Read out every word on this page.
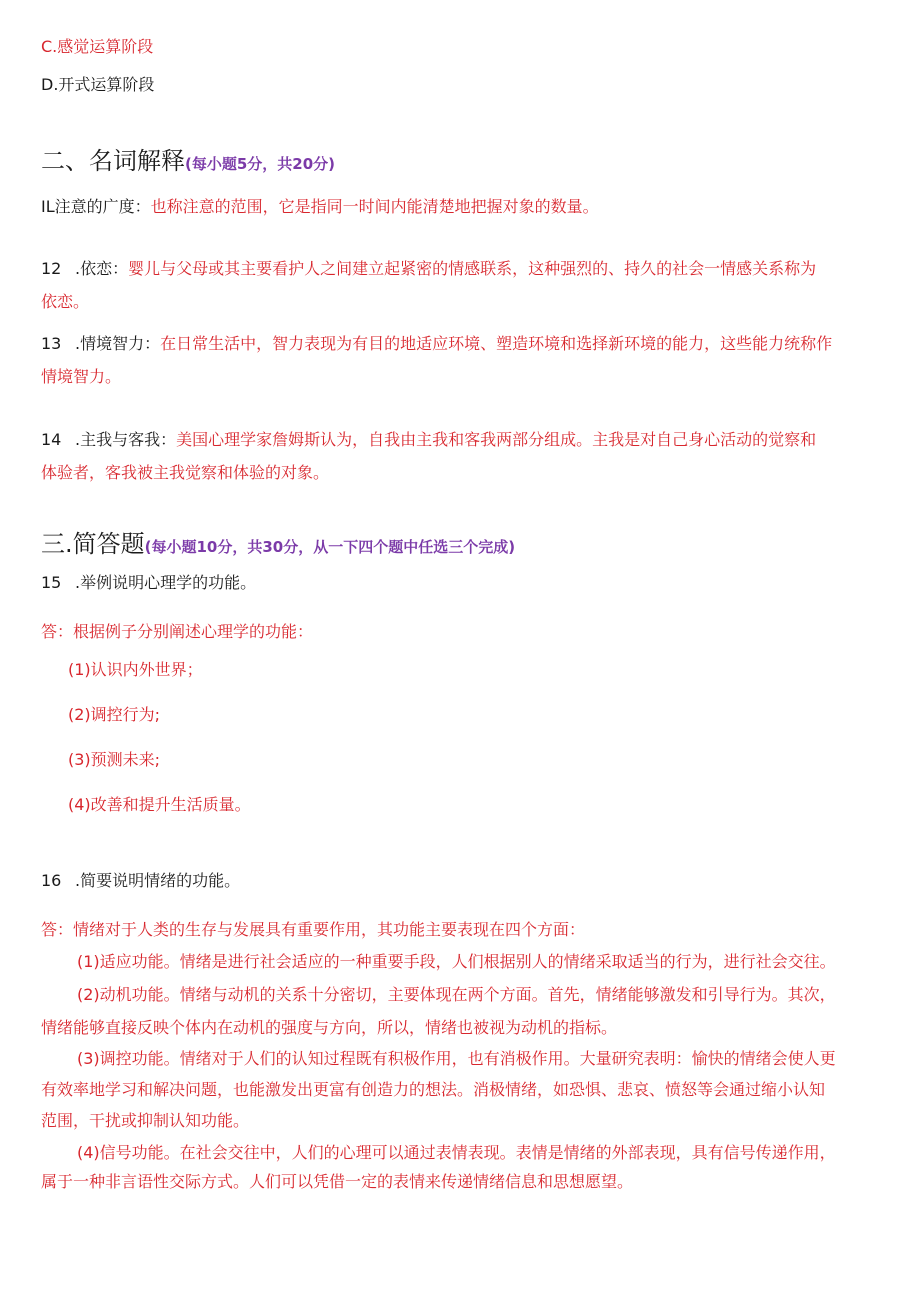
C.感觉运算阶段
D.开式运算阶段
二、名词解释(每小题5分，共20分)
IL注意的广度：也称注意的范围，它是指同一时间内能清楚地把握对象的数量。
12 .依恋：婴儿与父母或其主要看护人之间建立起紧密的情感联系，这种强烈的、持久的社会一情感关系称为
依恋。
13 .情境智力：在日常生活中，智力表现为有目的地适应环境、塑造环境和选择新环境的能力，这些能力统称作
情境智力。
14 .主我与客我：美国心理学家詹姆斯认为，自我由主我和客我两部分组成。主我是对自己身心活动的觉察和
体验者，客我被主我觉察和体验的对象。
三.简答题(每小题10分，共30分，从一下四个题中任选三个完成)
15 .举例说明心理学的功能。
答：根据例子分别阐述心理学的功能：
(1)认识内外世界；
(2)调控行为;
(3)预测未来;
(4)改善和提升生活质量。
16 .简要说明情绪的功能。
答：情绪对于人类的生存与发展具有重要作用，其功能主要表现在四个方面：
(1)适应功能。情绪是进行社会适应的一种重要手段，人们根据别人的情绪采取适当的行为，进行社会交往。
(2)动机功能。情绪与动机的关系十分密切，主要体现在两个方面。首先，情绪能够激发和引导行为。其次，
情绪能够直接反映个体内在动机的强度与方向，所以，情绪也被视为动机的指标。
(3)调控功能。情绪对于人们的认知过程既有积极作用，也有消极作用。大量研究表明：愉快的情绪会使人更
有效率地学习和解决问题，也能激发出更富有创造力的想法。消极情绪，如恐惧、悲哀、愤怒等会通过缩小认知
范围，干扰或抑制认知功能。
(4)信号功能。在社会交往中，人们的心理可以通过表情表现。表情是情绪的外部表现，具有信号传递作用，
属于一种非言语性交际方式。人们可以凭借一定的表情来传递情绪信息和思想愿望。
